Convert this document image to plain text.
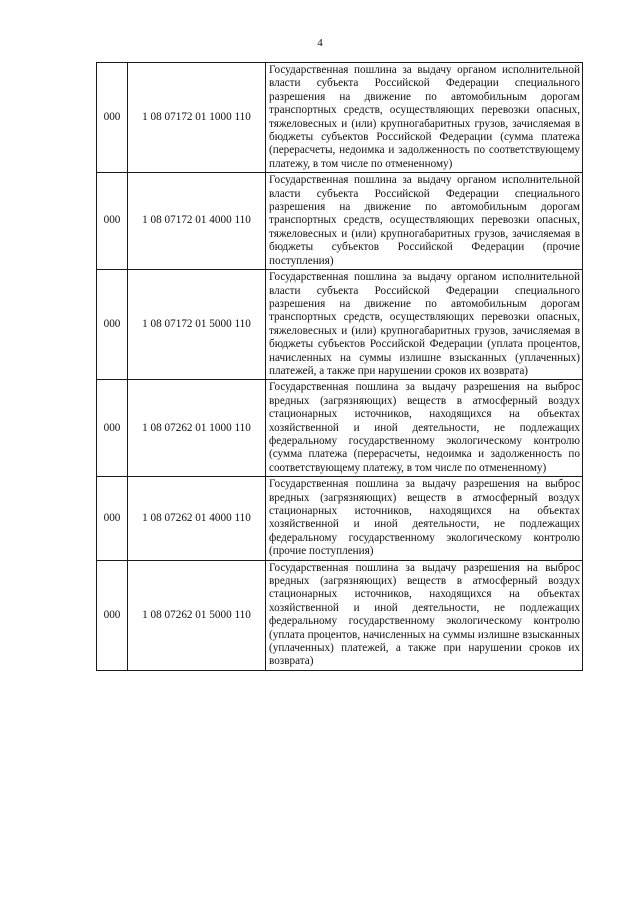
4
000	1 08 07172 01 1000 110	Государственная пошлина за выдачу органом исполнительной власти субъекта Российской Федерации специального разрешения на движение по автомобильным дорогам транспортных средств, осуществляющих перевозки опасных, тяжеловесных и (или) крупногабаритных грузов, зачисляемая в бюджеты субъектов Российской Федерации (сумма платежа (перерасчеты, недоимка и задолженность по соответствующему платежу, в том числе по отмененному)
000	1 08 07172 01 4000 110	Государственная пошлина за выдачу органом исполнительной власти субъекта Российской Федерации специального разрешения на движение по автомобильным дорогам транспортных средств, осуществляющих перевозки опасных, тяжеловесных и (или) крупногабаритных грузов, зачисляемая в бюджеты субъектов Российской Федерации (прочие поступления)
000	1 08 07172 01 5000 110	Государственная пошлина за выдачу органом исполнительной власти субъекта Российской Федерации специального разрешения на движение по автомобильным дорогам транспортных средств, осуществляющих перевозки опасных, тяжеловесных и (или) крупногабаритных грузов, зачисляемая в бюджеты субъектов Российской Федерации (уплата процентов, начисленных на суммы излишне взысканных (уплаченных) платежей, а также при нарушении сроков их возврата)
000	1 08 07262 01 1000 110	Государственная пошлина за выдачу разрешения на выброс вредных (загрязняющих) веществ в атмосферный воздух стационарных источников, находящихся на объектах хозяйственной и иной деятельности, не подлежащих федеральному государственному экологическому контролю (сумма платежа (перерасчеты, недоимка и задолженность по соответствующему платежу, в том числе по отмененному)
000	1 08 07262 01 4000 110	Государственная пошлина за выдачу разрешения на выброс вредных (загрязняющих) веществ в атмосферный воздух стационарных источников, находящихся на объектах хозяйственной и иной деятельности, не подлежащих федеральному государственному экологическому контролю (прочие поступления)
000	1 08 07262 01 5000 110	Государственная пошлина за выдачу разрешения на выброс вредных (загрязняющих) веществ в атмосферный воздух стационарных источников, находящихся на объектах хозяйственной и иной деятельности, не подлежащих федеральному государственному экологическому контролю (уплата процентов, начисленных на суммы излишне взысканных (уплаченных) платежей, а также при нарушении сроков их возврата)
